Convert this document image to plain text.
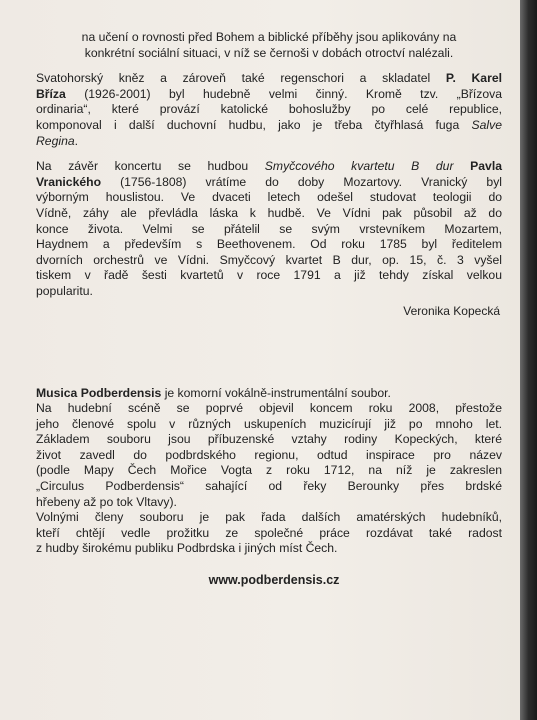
na učení o rovnosti před Bohem a biblické příběhy jsou aplikovány na
konkrétní sociální situaci, v níž se černoši v dobách otroctví nalézali.
Svatohorský kněz a zároveň také regenschori a skladatel P. Karel
Bříza (1926-2001) byl hudebně velmi činný. Kromě tzv. „Břízova
ordinaria“, které provází katolické bohoslužby po celé republice,
komponoval i další duchovní hudbu, jako je třeba čtyřhlasá fuga Salve
Regina.
Na závěr koncertu se hudbou Smyčcového kvartetu B dur Pavla
Vranického (1756-1808) vrátíme do doby Mozartovy. Vranický byl
výborným houslistou. Ve dvaceti letech odešel studovat teologii do
Vídně, záhy ale převládla láska k hudbě. Ve Vídni pak působil až do
konce života. Velmi se přátelil se svým vrstevníkem Mozartem,
Haydnem a především s Beethovenem. Od roku 1785 byl ředitelem
dvorních orchestrů ve Vídni. Smyčcový kvartet B dur, op. 15, č. 3 vyšel
tiskem v řadě šesti kvartetů v roce 1791 a již tehdy získal velkou
popularitu.
Veronika Kopecká
Musica Podberdensis je komorní vokálně-instrumentální soubor.
Na hudební scéně se poprvé objevil koncem roku 2008, přestože
jeho členové spolu v různých uskupeních muzicírují již po mnoho let.
Základem souboru jsou příbuzenské vztahy rodiny Kopeckých, které
život zavedl do podbrdského regionu, odtud inspirace pro název
(podle Mapy Čech Mořice Vogta z roku 1712, na níž je zakreslen
„Circulus Podberdensis“ sahající od řeky Berounky přes brdské
hřebeny až po tok Vltavy).
Volnými členy souboru je pak řada dalších amatérských hudebníků,
kteří chtějí vedle prožitku ze společné práce rozdávat také radost
z hudby širokému publiku Podbrdska i jiných míst Čech.
www.podberdensis.cz
